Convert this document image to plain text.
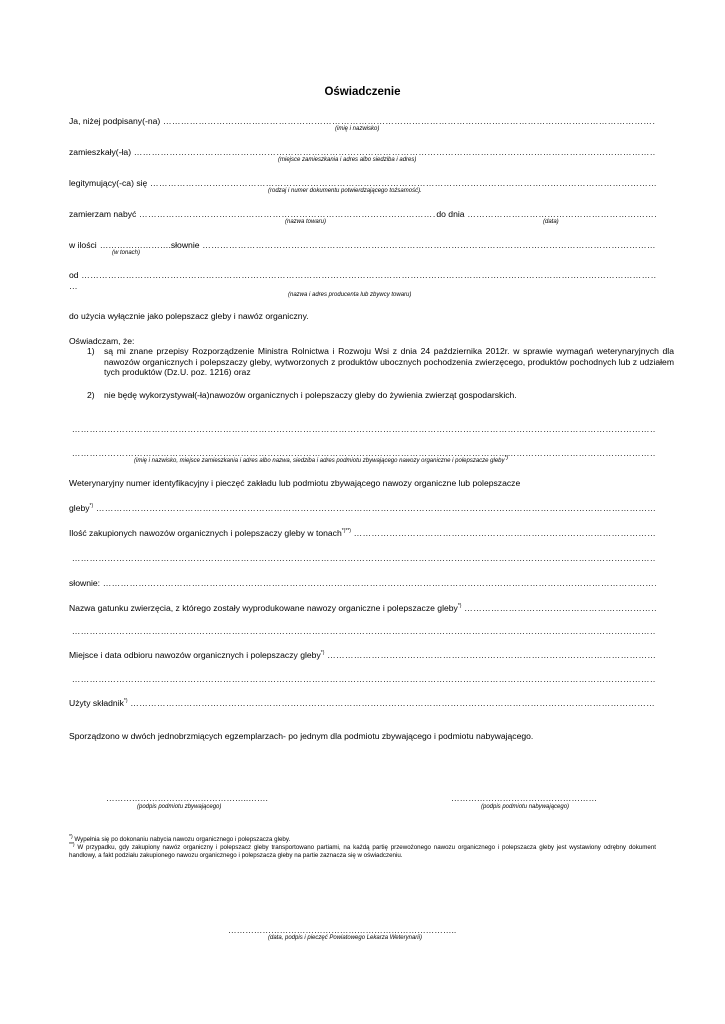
Oświadczenie
Ja, niżej podpisany(-na)
…………………………………………………………………………………………………………………………………………………………………………………………………………………………………………………………
(imię i nazwisko)
zamieszkały(-ła)
…………………………………………………………………………………………………………………………………………………………………………………………………………………………………………………………
(miejsce zamieszkania i adres albo siedziba i adres)
legitymujący(-ca) się
…………………………………………………………………………………………………………………………………………………………………………………………………………………………………………………………
(rodzaj i numer dokumentu potwierdzającego tożsamość).
zamierzam nabyć
…………………………………………………………………………………………………………………………………………………………………………………………………………………………………………………………	do dnia
…………………………………………………………………………………………………………………………………………………………………………………………………………………………………………………………
(nazwa towaru)	(data)
w ilości ……………………. słownie
…………………………………………………………………………………………………………………………………………………………………………………………………………………………………………………………
(w tonach)
od
…………………………………………………………………………………………………………………………………………………………………………………………………………………………………………………………
…
(nazwa i adres producenta lub zbywcy towaru)
do użycia wyłącznie jako polepszacz gleby i nawóz organiczny.
Oświadczam, że:
1) są mi znane przepisy Rozporządzenie Ministra Rolnictwa i Rozwoju Wsi z dnia 24 października 2012r. w sprawie wymagań weterynaryjnych dla nawozów organicznych i polepszaczy gleby, wytworzonych z produktów ubocznych pochodzenia zwierzęcego, produktów pochodnych lub z udziałem tych produktów (Dz.U. poz. 1216) oraz
2) nie będę wykorzystywał(-ła)nawozów organicznych i polepszaczy gleby do żywienia zwierząt gospodarskich.
…………………………………………………………………………………………………………………………………………………………………………………………………………………………………………………………
…………………………………………………………………………………………………………………………………………………………………………………………………………………………………………………………
(imię i nazwisko, miejsce zamieszkania i adres albo nazwa, siedziba i adres podmiotu zbywającego nawozy organiczne i polepszacze gleby*)
Weterynaryjny numer identyfikacyjny i pieczęć zakładu lub podmiotu zbywającego nawozy organiczne lub polepszacze
gleby*)
…………………………………………………………………………………………………………………………………………………………………………………………………………………………………………………………
Ilość zakupionych nawozów organicznych i polepszaczy gleby w tonach*)**)
…………………………………………………………………………………………………………………………………………………………………………………………………………………………………………………………
…………………………………………………………………………………………………………………………………………………………………………………………………………………………………………………………
słownie:
…………………………………………………………………………………………………………………………………………………………………………………………………………………………………………………………
Nazwa gatunku zwierzęcia, z którego zostały wyprodukowane nawozy organiczne i polepszacze gleby*)
…………………………………………………………………………………………………………………………………………………………………………………………………………………………………………………………
…………………………………………………………………………………………………………………………………………………………………………………………………………………………………………………………
Miejsce i data odbioru nawozów organicznych i polepszaczy gleby*)
…………………………………………………………………………………………………………………………………………………………………………………………………………………………………………………………
…………………………………………………………………………………………………………………………………………………………………………………………………………………………………………………………
Użyty składnik*)
…………………………………………………………………………………………………………………………………………………………………………………………………………………………………………………………
Sporządzono w dwóch jednobrzmiących egzemplarzach- po jednym dla podmiotu zbywającego i podmiotu nabywającego.
…………………………………………..…….
(podpis podmiotu zbywającego)
……………………………………………
(podpis podmiotu nabywającego)
*) Wypełnia się po dokonaniu nabycia nawozu organicznego i polepszacza gleby.
**) W przypadku, gdy zakupiony nawóz organiczny i polepszacz gleby transportowano partiami, na każdą partię przewożonego nawozu organicznego i polepszacza gleby jest wystawiony odrębny dokument handlowy, a fakt podziału zakupionego nawozu organicznego i polepszacza gleby na partie zaznacza się w oświadczeniu.
……………………………………………………………………..
(data, podpis i pieczęć Powiatowego Lekarza Weterynarii)
